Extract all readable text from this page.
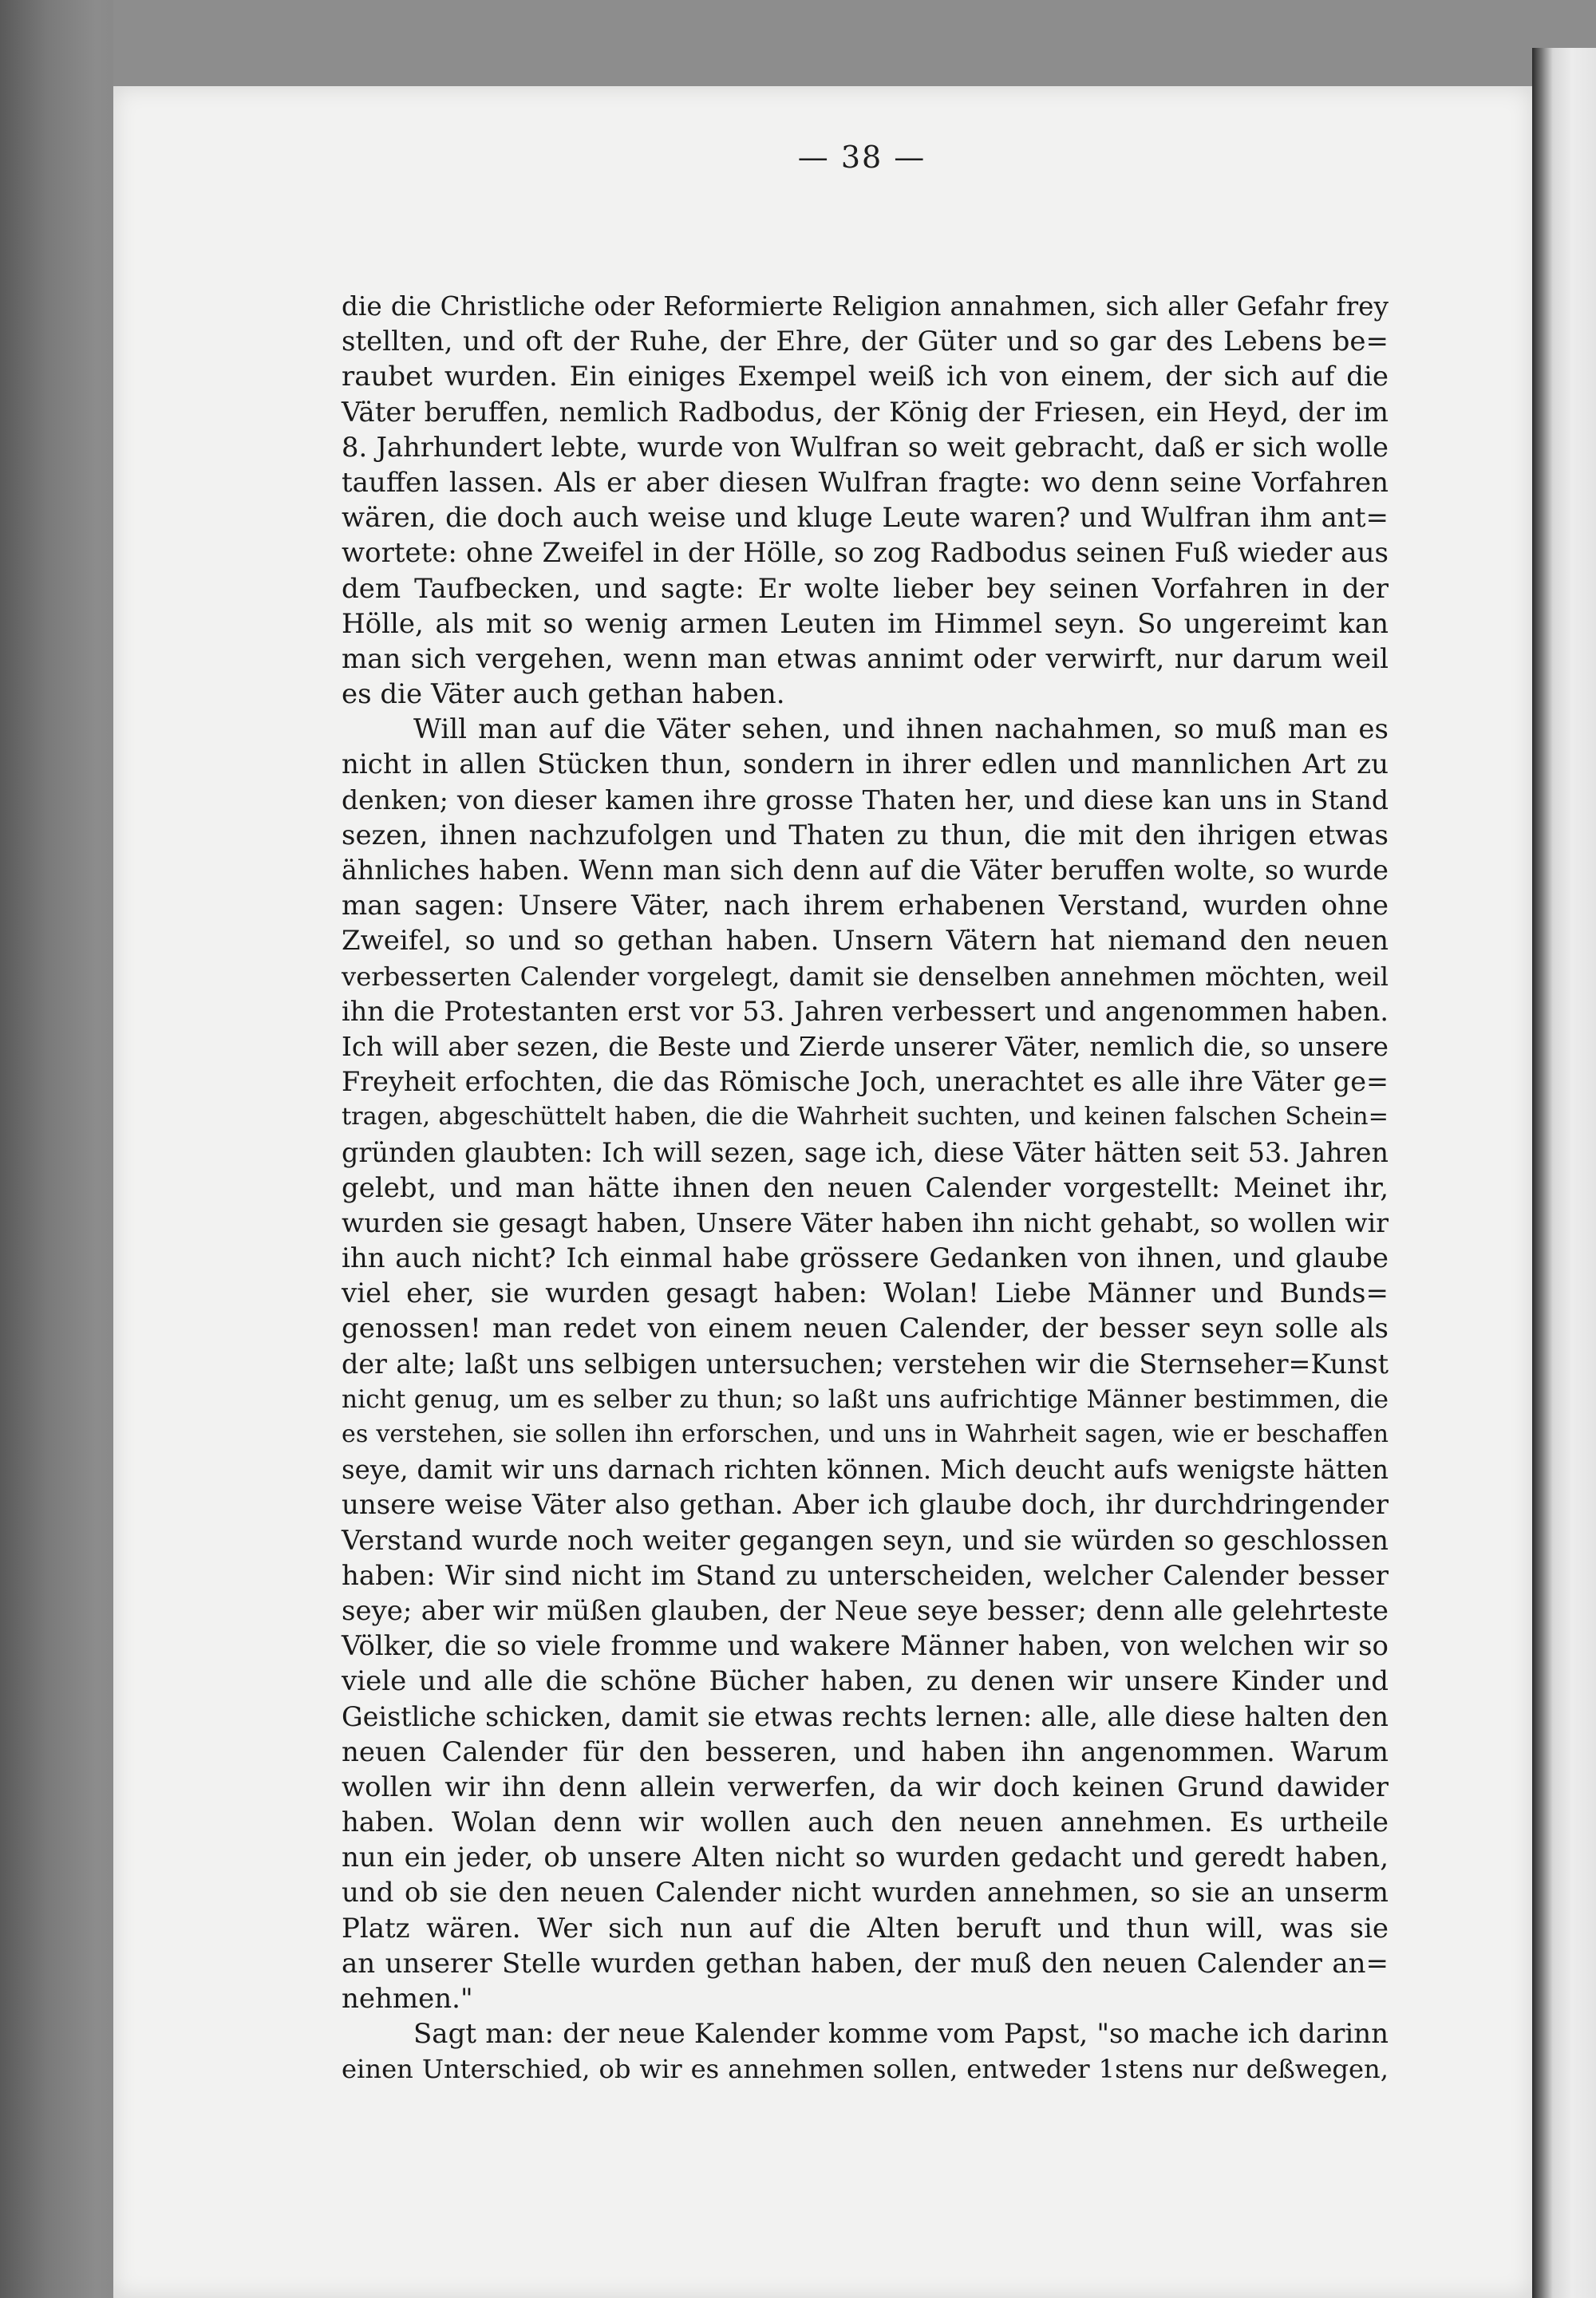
— 38 —
die die Christliche oder Reformierte Religion annahmen, sich aller Gefahr frey
stellten, und oft der Ruhe, der Ehre, der Güter und so gar des Lebens be=
raubet wurden. Ein einiges Exempel weiß ich von einem, der sich auf die
Väter beruffen, nemlich Radbodus, der König der Friesen, ein Heyd, der im
8. Jahrhundert lebte, wurde von Wulfran so weit gebracht, daß er sich wolle
tauffen lassen. Als er aber diesen Wulfran fragte: wo denn seine Vorfahren
wären, die doch auch weise und kluge Leute waren? und Wulfran ihm ant=
wortete: ohne Zweifel in der Hölle, so zog Radbodus seinen Fuß wieder aus
dem Taufbecken, und sagte: Er wolte lieber bey seinen Vorfahren in der
Hölle, als mit so wenig armen Leuten im Himmel seyn. So ungereimt kan
man sich vergehen, wenn man etwas annimt oder verwirft, nur darum weil
es die Väter auch gethan haben.
Will man auf die Väter sehen, und ihnen nachahmen, so muß man es
nicht in allen Stücken thun, sondern in ihrer edlen und mannlichen Art zu
denken; von dieser kamen ihre grosse Thaten her, und diese kan uns in Stand
sezen, ihnen nachzufolgen und Thaten zu thun, die mit den ihrigen etwas
ähnliches haben. Wenn man sich denn auf die Väter beruffen wolte, so wurde
man sagen: Unsere Väter, nach ihrem erhabenen Verstand, wurden ohne
Zweifel, so und so gethan haben. Unsern Vätern hat niemand den neuen
verbesserten Calender vorgelegt, damit sie denselben annehmen möchten, weil
ihn die Protestanten erst vor 53. Jahren verbessert und angenommen haben.
Ich will aber sezen, die Beste und Zierde unserer Väter, nemlich die, so unsere
Freyheit erfochten, die das Römische Joch, unerachtet es alle ihre Väter ge=
tragen, abgeschüttelt haben, die die Wahrheit suchten, und keinen falschen Schein=
gründen glaubten: Ich will sezen, sage ich, diese Väter hätten seit 53. Jahren
gelebt, und man hätte ihnen den neuen Calender vorgestellt: Meinet ihr,
wurden sie gesagt haben, Unsere Väter haben ihn nicht gehabt, so wollen wir
ihn auch nicht? Ich einmal habe grössere Gedanken von ihnen, und glaube
viel eher, sie wurden gesagt haben: Wolan! Liebe Männer und Bunds=
genossen! man redet von einem neuen Calender, der besser seyn solle als
der alte; laßt uns selbigen untersuchen; verstehen wir die Sternseher=Kunst
nicht genug, um es selber zu thun; so laßt uns aufrichtige Männer bestimmen, die
es verstehen, sie sollen ihn erforschen, und uns in Wahrheit sagen, wie er beschaffen
seye, damit wir uns darnach richten können. Mich deucht aufs wenigste hätten
unsere weise Väter also gethan. Aber ich glaube doch, ihr durchdringender
Verstand wurde noch weiter gegangen seyn, und sie würden so geschlossen
haben: Wir sind nicht im Stand zu unterscheiden, welcher Calender besser
seye; aber wir müßen glauben, der Neue seye besser; denn alle gelehrteste
Völker, die so viele fromme und wakere Männer haben, von welchen wir so
viele und alle die schöne Bücher haben, zu denen wir unsere Kinder und
Geistliche schicken, damit sie etwas rechts lernen: alle, alle diese halten den
neuen Calender für den besseren, und haben ihn angenommen. Warum
wollen wir ihn denn allein verwerfen, da wir doch keinen Grund dawider
haben. Wolan denn wir wollen auch den neuen annehmen. Es urtheile
nun ein jeder, ob unsere Alten nicht so wurden gedacht und geredt haben,
und ob sie den neuen Calender nicht wurden annehmen, so sie an unserm
Platz wären. Wer sich nun auf die Alten beruft und thun will, was sie
an unserer Stelle wurden gethan haben, der muß den neuen Calender an=
nehmen."
Sagt man: der neue Kalender komme vom Papst, "so mache ich darinn
einen Unterschied, ob wir es annehmen sollen, entweder 1stens nur deßwegen,
